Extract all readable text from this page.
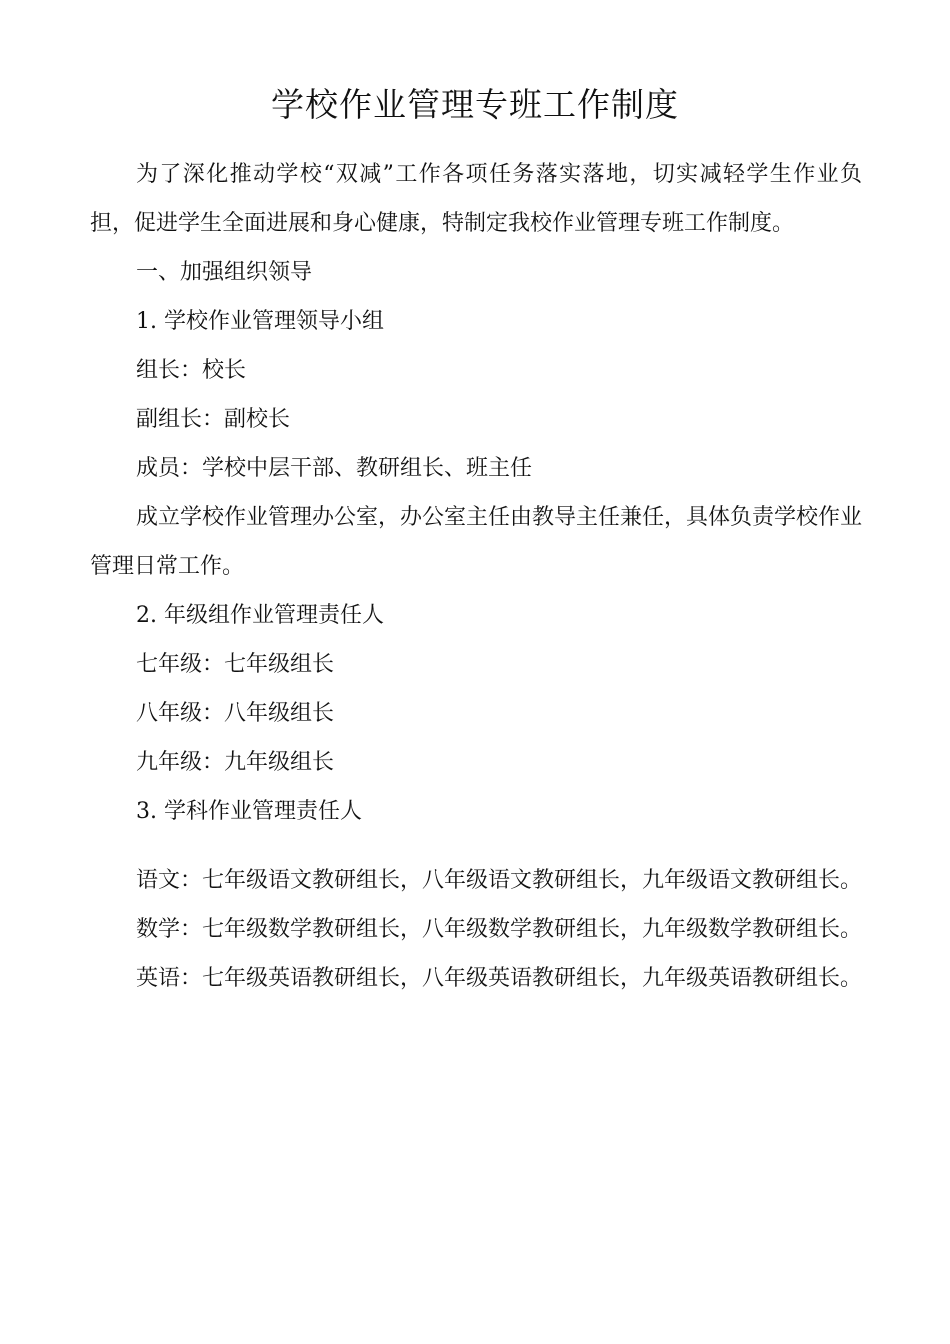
学校作业管理专班工作制度

为了深化推动学校“双减”工作各项任务落实落地，切实减轻学生作业负担，促进学生全面进展和身心健康，特制定我校作业管理专班工作制度。

一、加强组织领导

1. 学校作业管理领导小组

组长：校长

副组长：副校长

成员：学校中层干部、教研组长、班主任

成立学校作业管理办公室，办公室主任由教导主任兼任，具体负责学校作业管理日常工作。

2. 年级组作业管理责任人

七年级：七年级组长

八年级：八年级组长

九年级：九年级组长

3. 学科作业管理责任人

语文：七年级语文教研组长，八年级语文教研组长，九年级语文教研组长。

数学：七年级数学教研组长，八年级数学教研组长，九年级数学教研组长。

英语：七年级英语教研组长，八年级英语教研组长，九年级英语教研组长。
